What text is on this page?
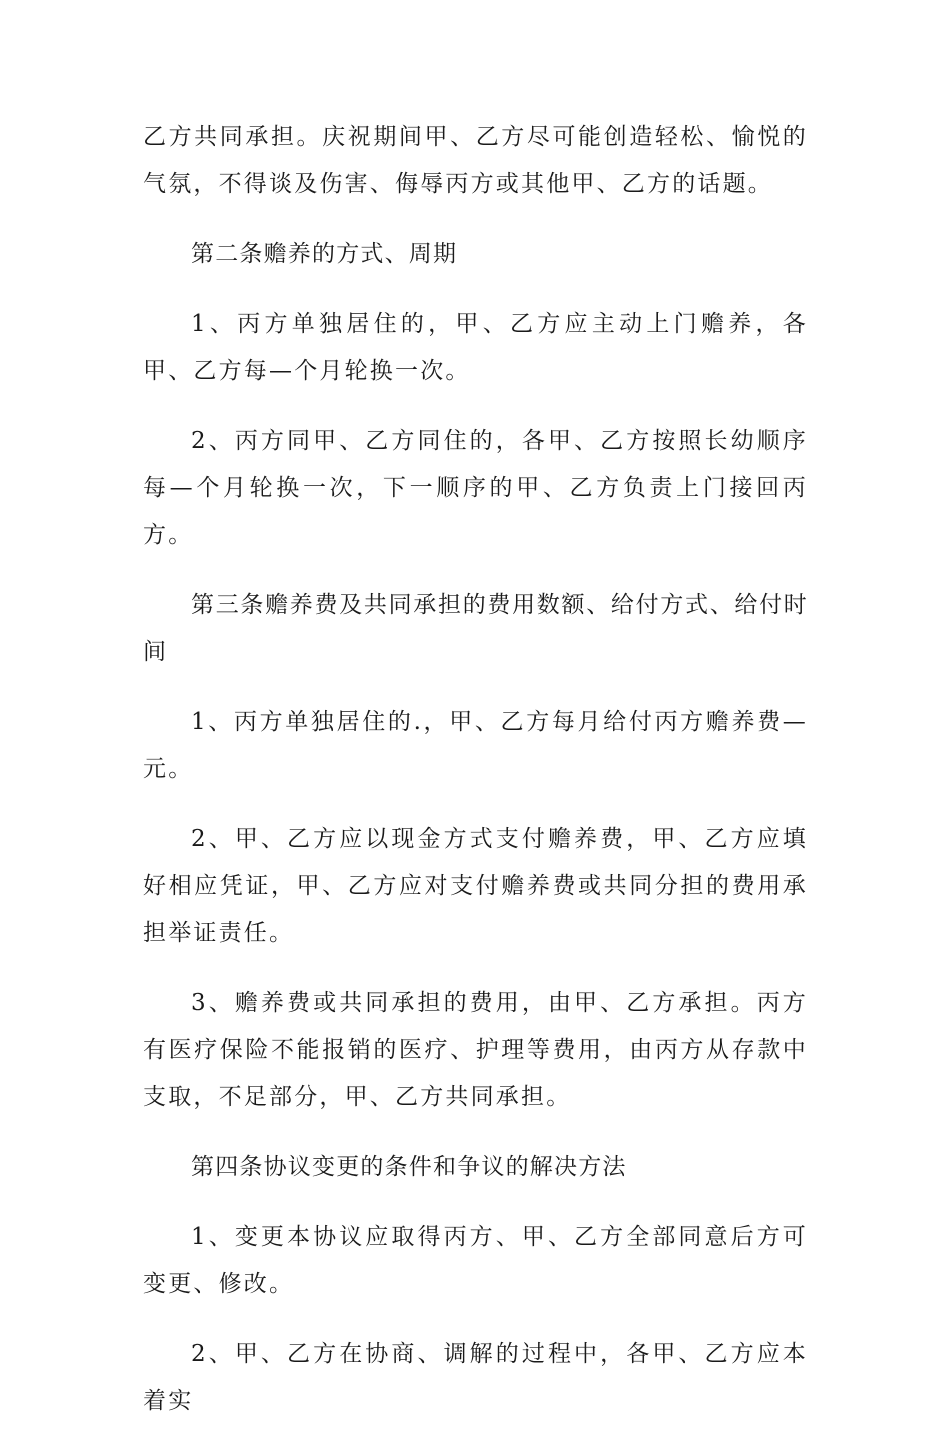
乙方共同承担。庆祝期间甲、乙方尽可能创造轻松、愉悦的气氛，不得谈及伤害、侮辱丙方或其他甲、乙方的话题。

第二条赡养的方式、周期

1、丙方单独居住的，甲、乙方应主动上门赡养，各甲、乙方每—个月轮换一次。

2、丙方同甲、乙方同住的，各甲、乙方按照长幼顺序每—个月轮换一次，下一顺序的甲、乙方负责上门接回丙方。

第三条赡养费及共同承担的费用数额、给付方式、给付时间

1、丙方单独居住的.，甲、乙方每月给付丙方赡养费—元。

2、甲、乙方应以现金方式支付赡养费，甲、乙方应填好相应凭证，甲、乙方应对支付赡养费或共同分担的费用承担举证责任。

3、赡养费或共同承担的费用，由甲、乙方承担。丙方有医疗保险不能报销的医疗、护理等费用，由丙方从存款中支取，不足部分，甲、乙方共同承担。

第四条协议变更的条件和争议的解决方法

1、变更本协议应取得丙方、甲、乙方全部同意后方可变更、修改。

2、甲、乙方在协商、调解的过程中，各甲、乙方应本着实
